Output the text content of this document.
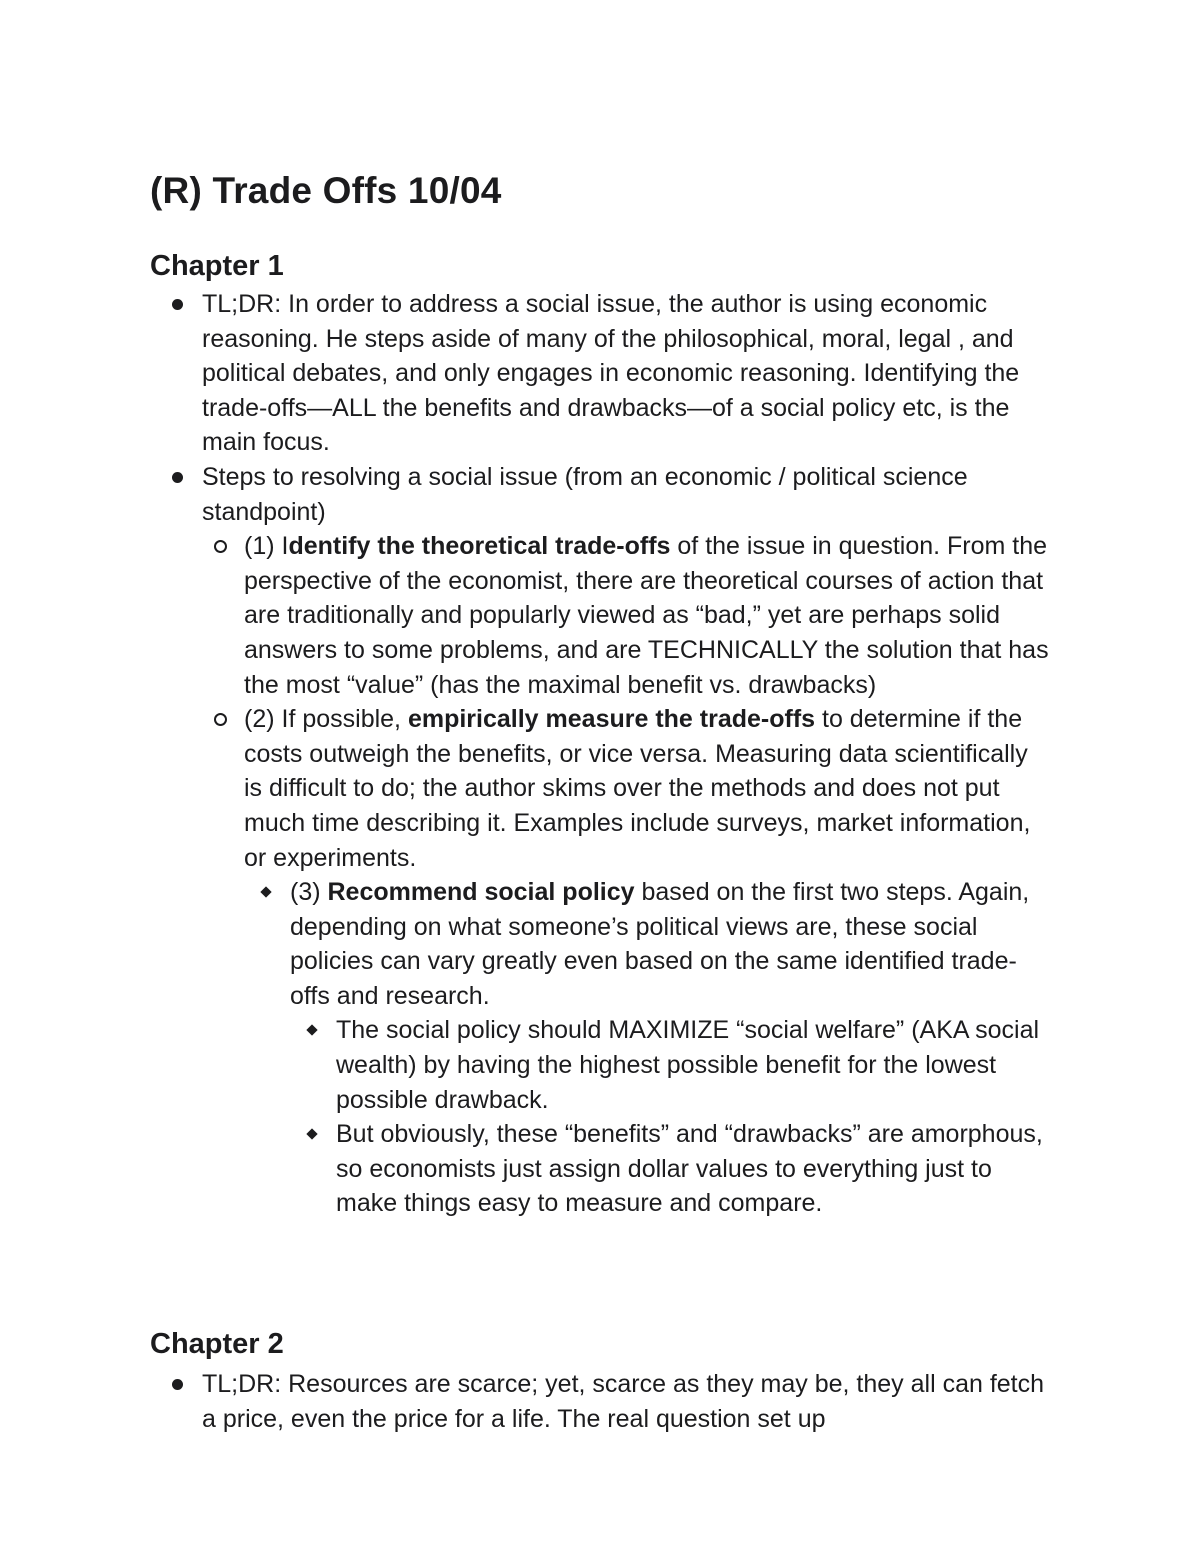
(R) Trade Offs 10/04
Chapter 1
TL;DR: In order to address a social issue, the author is using economic reasoning. He steps aside of many of the philosophical, moral, legal , and political debates, and only engages in economic reasoning. Identifying the trade-offs—ALL the benefits and drawbacks—of a social policy etc, is the main focus.
Steps to resolving a social issue (from an economic / political science standpoint)
(1) Identify the theoretical trade-offs of the issue in question. From the perspective of the economist, there are theoretical courses of action that are traditionally and popularly viewed as “bad,” yet are perhaps solid answers to some problems, and are TECHNICALLY the solution that has the most “value” (has the maximal benefit vs. drawbacks)
(2) If possible, empirically measure the trade-offs to determine if the costs outweigh the benefits, or vice versa. Measuring data scientifically is difficult to do; the author skims over the methods and does not put much time describing it. Examples include surveys, market information, or experiments.
(3) Recommend social policy based on the first two steps. Again, depending on what someone’s political views are, these social policies can vary greatly even based on the same identified trade-offs and research.
The social policy should MAXIMIZE “social welfare” (AKA social wealth) by having the highest possible benefit for the lowest possible drawback.
But obviously, these “benefits” and “drawbacks” are amorphous, so economists just assign dollar values to everything just to make things easy to measure and compare.
Chapter 2
TL;DR: Resources are scarce; yet, scarce as they may be, they all can fetch a price, even the price for a life. The real question set up
